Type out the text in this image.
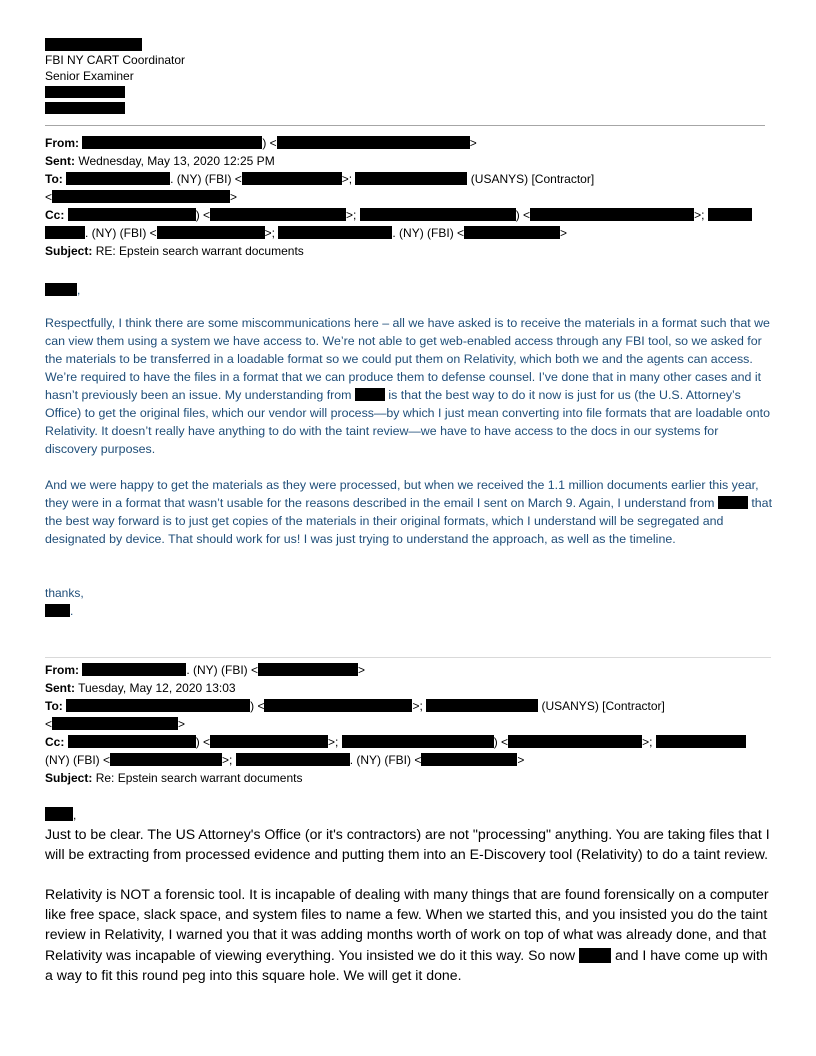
FBI NY CART Coordinator
Senior Examiner
From:	) <	>
Sent: Wednesday, May 13, 2020 12:25 PM
To:	. (NY) (FBI) <	>;	(USANYS) [Contractor]
<	>
Cc:	) <	>;	) <	>;
. (NY) (FBI) <	>;	. (NY) (FBI) <	>
Subject: RE: Epstein search warrant documents
,
Respectfully, I think there are some miscommunications here – all we have asked is to receive the materials in a format such that we can view them using a system we have access to. We’re not able to get web-enabled access through any FBI tool, so we asked for the materials to be transferred in a loadable format so we could put them on Relativity, which both we and the agents can access. We’re required to have the files in a format that we can produce them to defense counsel. I’ve done that in many other cases and it hasn’t previously been an issue. My understanding from  is that the best way to do it now is just for us (the U.S. Attorney’s Office) to get the original files, which our vendor will process—by which I just mean converting into file formats that are loadable onto Relativity. It doesn’t really have anything to do with the taint review—we have to have access to the docs in our systems for discovery purposes.
And we were happy to get the materials as they were processed, but when we received the 1.1 million documents earlier this year, they were in a format that wasn’t usable for the reasons described in the email I sent on March 9. Again, I understand from  that the best way forward is to just get copies of the materials in their original formats, which I understand will be segregated and designated by device. That should work for us! I was just trying to understand the approach, as well as the timeline.
thanks,
.
From:	. (NY) (FBI) <	>
Sent: Tuesday, May 12, 2020 13:03
To:	) <	>;	(USANYS) [Contractor]
<	>
Cc:	) <	>;	) <	>;
(NY) (FBI) <	>;	. (NY) (FBI) <	>
Subject: Re: Epstein search warrant documents
,
Just to be clear. The US Attorney's Office (or it's contractors) are not "processing" anything. You are taking files that I will be extracting from processed evidence and putting them into an E-Discovery tool (Relativity) to do a taint review.
Relativity is NOT a forensic tool. It is incapable of dealing with many things that are found forensically on a computer like free space, slack space, and system files to name a few. When we started this, and you insisted you do the taint review in Relativity, I warned you that it was adding months worth of work on top of what was already done, and that Relativity was incapable of viewing everything. You insisted we do it this way. So now	and I have come up with a way to fit this round peg into this square hole. We will get it done.
